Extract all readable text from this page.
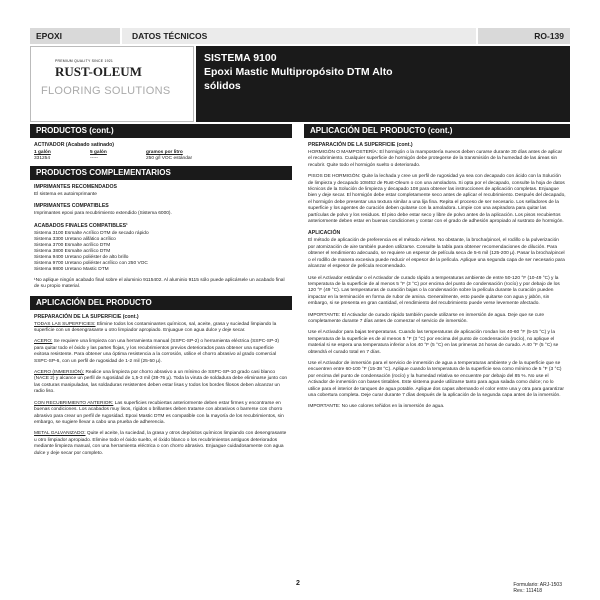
EPOXI	DATOS TÉCNICOS	RO-139
PREMIUM QUALITY SINCE 1921
RUST-OLEUM
FLOORING SOLUTIONS
SISTEMA 9100
Epoxi Mastic Multipropósito DTM Alto
sólidos
PRODUCTOS (cont.)
ACTIVADOR (Acabado satinado)
1 galón	5 galón	gramos por litro
331254	-----	250 g/l VOC estándar
PRODUCTOS COMPLEMENTARIOS
IMPRIMANTES RECOMENDADOS
El sistema es autoimprimante
IMPRIMANTES COMPATIBLES
Imprimantes epoxi para recubrimiento extendido (Sistema 6000).
ACABADOS FINALES COMPATIBLES¹
Sistema 3100 Esmalte Acrílico DTM de secado rápido
Sistema 3300 Uretano alifático acrílico
Sistema 3700 Esmalte acrílico DTM
Sistema 3800 Esmalte acrílico DTM
Sistema 9400 Uretano poliéster de alto brillo
Sistema 9700 Uretano poliéster acrílico con 250 VOC
Sistema 9800 Uretano Mastic DTM
¹No aplique ningún acabado final sobre el aluminio 9115402. Al aluminio 9115 sólo puede aplicársele un acabado final de su propio material.
APLICACIÓN DEL PRODUCTO
PREPARACIÓN DE LA SUPERFICIE (cont.)
TODAS LAS SUPERFICIES: Elimine todos los contaminantes químicos, sal, aceite, grasa y suciedad limpiando la superficie con un desengrasante u otro limpiador apropiado. Enjuague con agua dulce y deje secar.
ACERO: Se requiere una limpieza con una herramienta manual (SSPC-SP-2) o herramienta eléctrica (SSPC-SP-3) para quitar todo el óxido y las partes flojas, y los recubrimientos previos deteriorados para obtener una superficie exitosa resistente. Para obtener una óptima resistencia a la corrosión, utilice el chorro abrasivo al grado comercial SSPC-SP-6, con un perfil de rugosidad de 1-2 mil (25-50 µ).
ACERO (INMERSIÓN): Realice una limpieza por chorro abrasivo a un mínimo de SSPC-SP-10 grado casi blanco (NACE 2) y alcance un perfil de rugosidad de 1,5-3 mil (38-76 µ). Toda la viruta de soldadura debe eliminarse junto con las costuras manipuladas, las soldaduras resistentes deben estar lisas y todos los bordes filosos deben alcanzar un radio liso.
CON RECUBRIMIENTO ANTERIOR: Las superficies recubiertas anteriormente deben estar firmes y encontrarse en buenas condiciones. Los acabados muy lisos, rígidos o brillantes deben tratarse con abrasivos o barrerse con chorro abrasivo para crear un perfil de rugosidad. Epoxi Mastic DTM es compatible con la mayoría de los recubrimientos, sin embargo, se sugiere llevar a cabo una prueba de adherencia.
METAL GALVANIZADO: Quite el aceite, la suciedad, la grasa y otros depósitos químicos limpiando con desengrasante u otro limpiador apropiado. Elimine todo el óxido suelto, el óxido blanco o los recubrimientos antiguos deteriorados mediante limpieza manual, con una herramienta eléctrica o con chorro abrasivo. Enjuague cuidadosamente con agua dulce y deje secar por completo.
APLICACIÓN DEL PRODUCTO (cont.)
PREPARACIÓN DE LA SUPERFICIE (cont.)
HORMIGÓN O MAMPOSTERÍA: El hormigón o la mampostería nuevos deben curarse durante 30 días antes de aplicar el recubrimiento. Cualquier superficie de hormigón debe protegerse de la transmisión de la humedad de las áreas sin recubrir. Quite todo el hormigón suelto o deteriorado.
PISOS DE HORMIGÓN: Quite la lechada y cree un perfil de rugosidad ya sea con decapado con ácido con la Solución de limpieza y decapado 108452 de Rust-Oleum o con una amoladora. Si opta por el decapado, consulte la hoja de datos técnicos de la Solución de limpieza y decapado 108 para obtener las instrucciones de aplicación completas. Enjuague bien y deje secar. El hormigón debe estar completamente seco antes de aplicar el recubrimiento. Después del decapado, el hormigón debe presentar una textura similar a una lija fina. Repita el proceso de ser necesario. Los selladores de la superficie y los agentes de curación deben quitarse con la amoladora. Limpie con una aspiradora para quitar las partículas de polvo y los residuos. El piso debe estar seco y libre de polvo antes de la aplicación. Los pisos recubiertos anteriormente deben estar en buenas condiciones y contar con el grado de adhesión apropiado al sustrato de hormigón.
APLICACIÓN
El método de aplicación de preferencia es el método Airless. No obstante, la brocha/pincel, el rodillo o la pulverización por atomización de aire también pueden utilizarse. Consulte la tabla para obtener recomendaciones de dilución. Para obtener el rendimiento adecuado, se requiere un espesor de película seca de 5-6 mil (125-200 µ). Pasar la brocha/pincel o el rodillo de manera excesiva puede reducir el espesor de la película. Aplique una segunda capa de ser necesario para alcanzar el espesor de película recomendado.
Use el Activador estándar o el Activador de curado rápido a temperaturas ambiente de entre 50-120 °F (10-49 °C) y la temperatura de la superficie de al menos 5 °F (3 °C) por encima del punto de condensación (rocío) y por debajo de los 120 °F (49 °C). Las temperaturas de curación bajas o la condensación sobre la película durante la curación pueden impactar en la terminación en forma de rubor de amina. Generalmente, esto puede quitarse con agua y jabón, sin embargo, si se presenta en gran cantidad, el rendimiento del recubrimiento puede verse levemente afectado.
IMPORTANTE: El Activador de curado rápido también puede utilizarse en inmersión de agua. Deje que se cure completamente durante 7 días antes de comenzar el servicio de inmersión.
Use el Activador para bajas temperaturas. Cuando las temperaturas de aplicación rondan los 40-60 °F (5-15 °C) y la temperatura de la superficie es de al menos 5 °F (3 °C) por encima del punto de condensación (rocío), no aplique el material si se espera una temperatura inferior a los 40 °F (5 °C) en las primeras 24 horas de curado. A 40 °F (5 °C) se obtendrá el curado total en 7 días.
Use el Activador de inmersión para el servicio de inmersión de agua a temperaturas ambiente y de la superficie que se encuentren entre 60-100 °F (15-38 °C). Aplique cuando la temperatura de la superficie sea como mínimo de 5 °F (3 °C) por encima del punto de condensación (rocío) y la humedad relativa se encuentre por debajo del 85 %. No use el Activador de inmersión con bases tintables. Este sistema puede utilizarse tanto para agua salada como dulce; no lo utilice para el interior de tanques de agua potable. Aplique dos capas alternando el color entre una y otra para garantizar una cobertura completa. Deje curar durante 7 días después de la aplicación de la segunda capa antes de la inmersión.
IMPORTANTE: No use colores teñidos en la inmersión de agua.
2	Formulario: ARJ-1503
Rev.: 111418
